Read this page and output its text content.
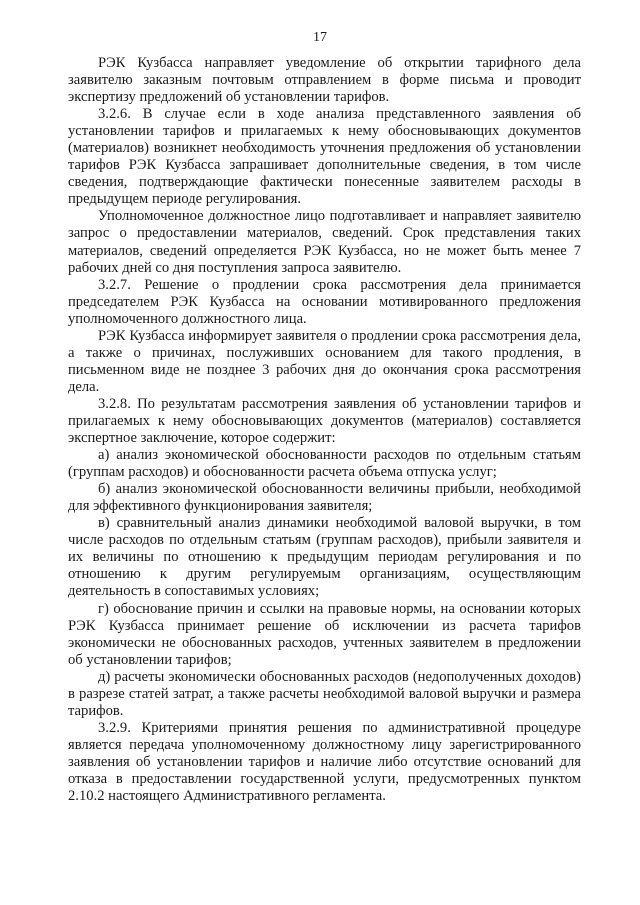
17

РЭК Кузбасса направляет уведомление об открытии тарифного дела заявителю заказным почтовым отправлением в форме письма и проводит экспертизу предложений об установлении тарифов.

3.2.6. В случае если в ходе анализа представленного заявления об установлении тарифов и прилагаемых к нему обосновывающих документов (материалов) возникнет необходимость уточнения предложения об установлении тарифов РЭК Кузбасса запрашивает дополнительные сведения, в том числе сведения, подтверждающие фактически понесенные заявителем расходы в предыдущем периоде регулирования.

Уполномоченное должностное лицо подготавливает и направляет заявителю запрос о предоставлении материалов, сведений. Срок представления таких материалов, сведений определяется РЭК Кузбасса, но не может быть менее 7 рабочих дней со дня поступления запроса заявителю.

3.2.7. Решение о продлении срока рассмотрения дела принимается председателем РЭК Кузбасса на основании мотивированного предложения уполномоченного должностного лица.

РЭК Кузбасса информирует заявителя о продлении срока рассмотрения дела, а также о причинах, послуживших основанием для такого продления, в письменном виде не позднее 3 рабочих дня до окончания срока рассмотрения дела.

3.2.8. По результатам рассмотрения заявления об установлении тарифов и прилагаемых к нему обосновывающих документов (материалов) составляется экспертное заключение, которое содержит:

а) анализ экономической обоснованности расходов по отдельным статьям (группам расходов) и обоснованности расчета объема отпуска услуг;

б) анализ экономической обоснованности величины прибыли, необходимой для эффективного функционирования заявителя;

в) сравнительный анализ динамики необходимой валовой выручки, в том числе расходов по отдельным статьям (группам расходов), прибыли заявителя и их величины по отношению к предыдущим периодам регулирования и по отношению к другим регулируемым организациям, осуществляющим деятельность в сопоставимых условиях;

г) обоснование причин и ссылки на правовые нормы, на основании которых РЭК Кузбасса принимает решение об исключении из расчета тарифов экономически не обоснованных расходов, учтенных заявителем в предложении об установлении тарифов;

д) расчеты экономически обоснованных расходов (недополученных доходов) в разрезе статей затрат, а также расчеты необходимой валовой выручки и размера тарифов.

3.2.9. Критериями принятия решения по административной процедуре является передача уполномоченному должностному лицу зарегистрированного заявления об установлении тарифов и наличие либо отсутствие оснований для отказа в предоставлении государственной услуги, предусмотренных пунктом 2.10.2 настоящего Административного регламента.
